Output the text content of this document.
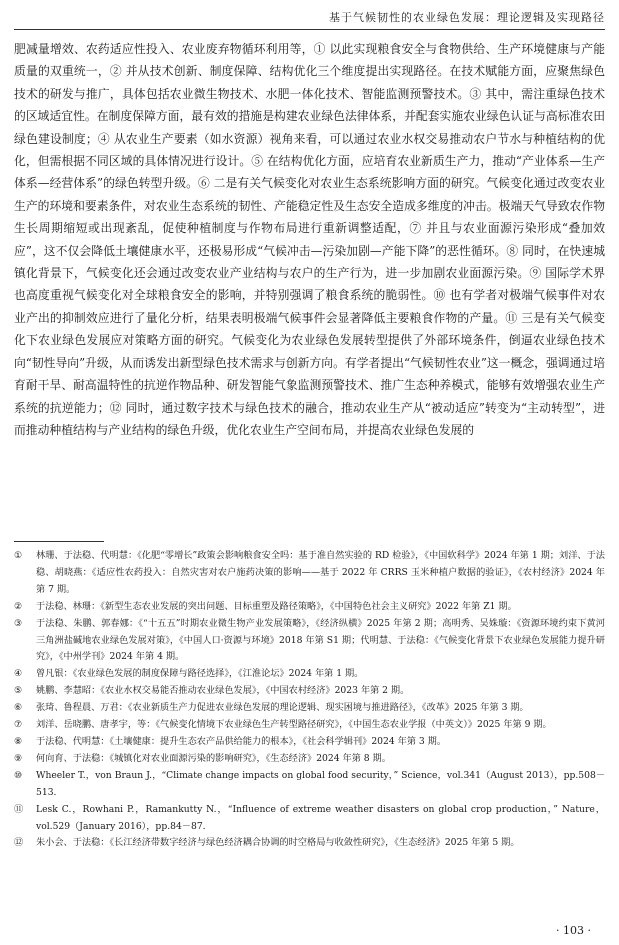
基于气候韧性的农业绿色发展：理论逻辑及实现路径
肥减量增效、农药适应性投入、农业废弃物循环利用等，① 以此实现粮食安全与食物供给、生产环境健康与产能质量的双重统一，② 并从技术创新、制度保障、结构优化三个维度提出实现路径。在技术赋能方面，应聚焦绿色技术的研发与推广，具体包括农业微生物技术、水肥一体化技术、智能监测预警技术。③ 其中，需注重绿色技术的区域适宜性。在制度保障方面，最有效的措施是构建农业绿色法律体系，并配套实施农业绿色认证与高标准农田绿色建设制度；④ 从农业生产要素（如水资源）视角来看，可以通过农业水权交易推动农户节水与种植结构的优化，但需根据不同区域的具体情况进行设计。⑤ 在结构优化方面，应培育农业新质生产力，推动“产业体系—生产体系—经营体系”的绿色转型升级。⑥ 二是有关气候变化对农业生态系统影响方面的研究。气候变化通过改变农业生产的环境和要素条件，对农业生态系统的韧性、产能稳定性及生态安全造成多维度的冲击。极端天气导致农作物生长周期缩短或出现紊乱，促使种植制度与作物布局进行重新调整适配，⑦ 并且与农业面源污染形成“叠加效应”，这不仅会降低土壤健康水平，还极易形成“气候冲击—污染加剧—产能下降”的恶性循环。⑧ 同时，在快速城镇化背景下，气候变化还会通过改变农业产业结构与农户的生产行为，进一步加剧农业面源污染。⑨ 国际学术界也高度重视气候变化对全球粮食安全的影响，并特别强调了粮食系统的脆弱性。⑩ 也有学者对极端气候事件对农业产出的抑制效应进行了量化分析，结果表明极端气候事件会显著降低主要粮食作物的产量。⑪ 三是有关气候变化下农业绿色发展应对策略方面的研究。气候变化为农业绿色发展转型提供了外部环境条件，倒逼农业绿色技术向“韧性导向”升级，从而诱发出新型绿色技术需求与创新方向。有学者提出“气候韧性农业”这一概念，强调通过培育耐干旱、耐高温特性的抗逆作物品种、研发智能气象监测预警技术、推广生态种养模式，能够有效增强农业生产系统的抗逆能力；⑫ 同时，通过数字技术与绿色技术的融合，推动农业生产从“被动适应”转变为“主动转型”，进而推动种植结构与产业结构的绿色升级，优化农业生产空间布局，并提高农业绿色发展的
① 林珊、于法稳、代明慧：《化肥“零增长”政策会影响粮食安全吗：基于准自然实验的 RD 检验》，《中国软科学》2024 年第 1 期；刘洋、于法稳、胡晓燕：《适应性农药投入：自然灾害对农户施药决策的影响——基于 2022 年 CRRS 玉米种植户数据的验证》，《农村经济》2024 年第 7 期。
② 于法稳、林珊：《新型生态农业发展的突出问题、目标重塑及路径策略》，《中国特色社会主义研究》2022 年第 Z1 期。
③ 于法稳、朱鹏、郭春娜：《“十五五”时期农业微生物产业发展策略》，《经济纵横》2025 年第 2 期；高明秀、吴姝璇：《资源环境约束下黄河三角洲盐碱地农业绿色发展对策》，《中国人口·资源与环境》2018 年第 S1 期；代明慧、于法稳：《气候变化背景下农业绿色发展能力提升研究》，《中州学刊》2024 年第 4 期。
④ 曾凡银：《农业绿色发展的制度保障与路径选择》，《江淮论坛》2024 年第 1 期。
⑤ 姚鹏、李慧昭：《农业水权交易能否推动农业绿色发展》，《中国农村经济》2023 年第 2 期。
⑥ 张琦、鲁程晨、万君：《农业新质生产力促进农业绿色发展的理论逻辑、现实困境与推进路径》，《改革》2025 年第 3 期。
⑦ 刘洋、岳晓鹏、唐孝宇，等：《气候变化情境下农业绿色生产转型路径研究》，《中国生态农业学报（中英文）》2025 年第 9 期。
⑧ 于法稳、代明慧：《土壤健康：提升生态农产品供给能力的根本》，《社会科学辑刊》2024 年第 3 期。
⑨ 何向育、于法稳：《城镇化对农业面源污染的影响研究》，《生态经济》2024 年第 8 期。
⑩ Wheeler T.，von Braun J.，“Climate change impacts on global food security，” Science，vol.341（August 2013），pp.508－513.
⑪ Lesk C.，Rowhani P.，Ramankutty N.，“Influence of extreme weather disasters on global crop production，” Nature，vol.529（January 2016），pp.84－87.
⑫ 朱小会、于法稳：《长江经济带数字经济与绿色经济耦合协调的时空格局与收敛性研究》，《生态经济》2025 年第 5 期。
· 103 ·
